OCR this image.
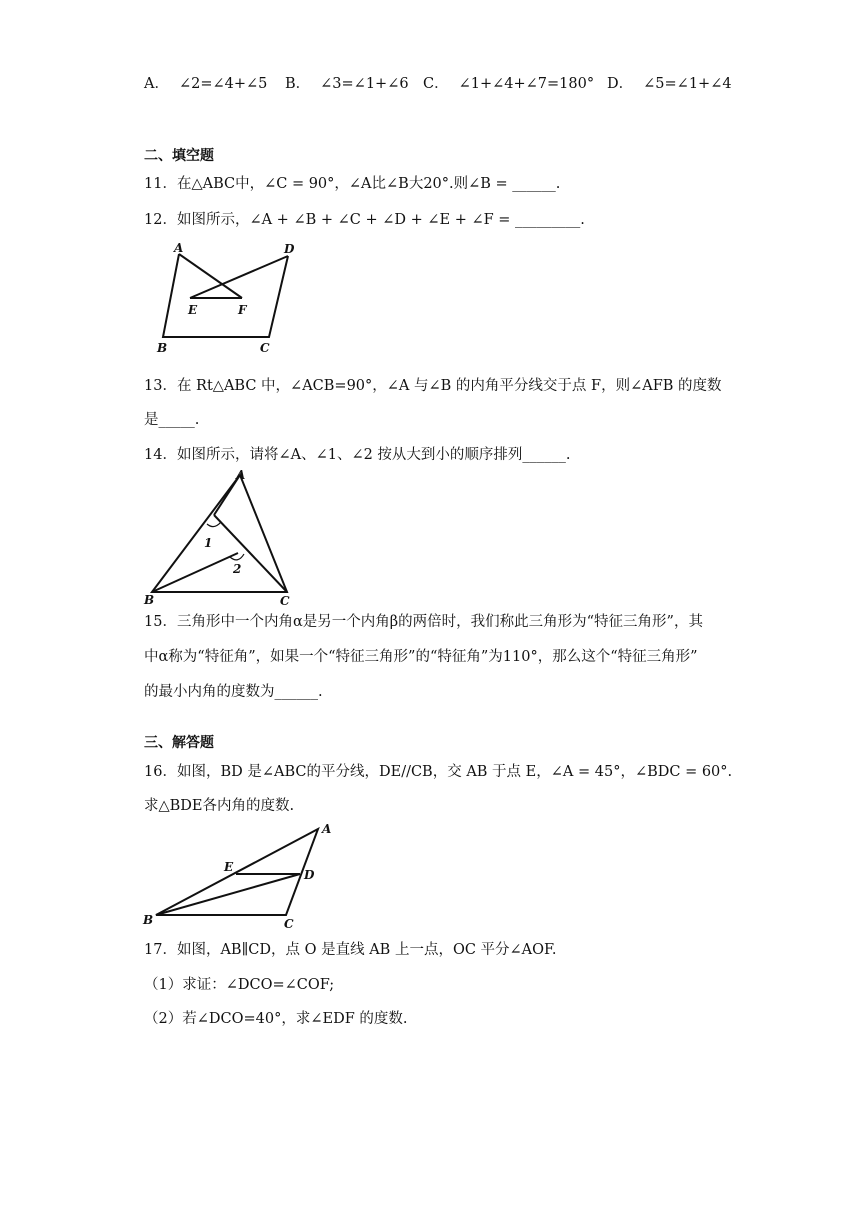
A． ∠2=∠4+∠5 B． ∠3=∠1+∠6 C． ∠1+∠4+∠7=180° D． ∠5=∠1+∠4
二、填空题
11．在△ABC中，∠C = 90°，∠A比∠B大20°.则∠B = ______.
12．如图所示，∠A + ∠B + ∠C + ∠D + ∠E + ∠F = _________.
A	D
E	F
B	C
13．在 Rt△ABC 中，∠ACB=90°，∠A 与∠B 的内角平分线交于点 F，则∠AFB 的度数
是_____.
14．如图所示，请将∠A、∠1、∠2 按从大到小的顺序排列______.
A
1
2
B	C
15．三角形中一个内角α是另一个内角β的两倍时，我们称此三角形为“特征三角形”，其
中α称为“特征角”，如果一个“特征三角形”的“特征角”为110°，那么这个“特征三角形”
的最小内角的度数为______.
三、解答题
16．如图，BD 是∠ABC的平分线，DE//CB，交 AB 于点 E，∠A = 45°，∠BDC = 60°.
求△BDE各内角的度数.
A
E
D
B	C
17．如图，AB∥CD，点 O 是直线 AB 上一点，OC 平分∠AOF.
（1）求证：∠DCO=∠COF;
（2）若∠DCO=40°，求∠EDF 的度数.
